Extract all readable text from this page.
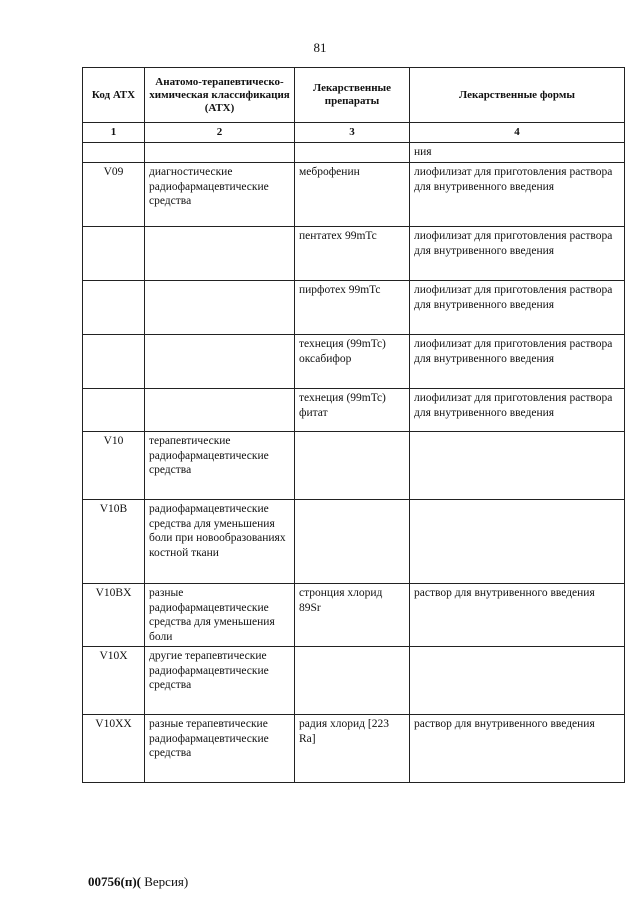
81
Код АТХ	Анатомо-терапевтическо-химическая классификация (АТХ)	Лекарственные препараты	Лекарственные формы
1	2	3	4
			ния
V09	диагностические радиофармацевтические средства	меброфенин	лиофилизат для приготовления раствора для внутривенного введения
		пентатех 99mTc	лиофилизат для приготовления раствора для внутривенного введения
		пирфотех 99mTc	лиофилизат для приготовления раствора для внутривенного введения
		технеция (99mTc) оксабифор	лиофилизат для приготовления раствора для внутривенного введения
		технеция (99mTc) фитат	лиофилизат для приготовления раствора для внутривенного введения
V10	терапевтические радиофармацевтические средства		
V10B	радиофармацевтические средства для уменьшения боли при новообразованиях костной ткани		
V10BX	разные радиофармацевтические средства для уменьшения боли	стронция хлорид 89Sr	раствор для внутривенного введения
V10X	другие терапевтические радиофармацевтические средства		
V10XX	разные терапевтические радиофармацевтические средства	радия хлорид [223 Ra]	раствор для внутривенного введения
00756(п)( Версия)
